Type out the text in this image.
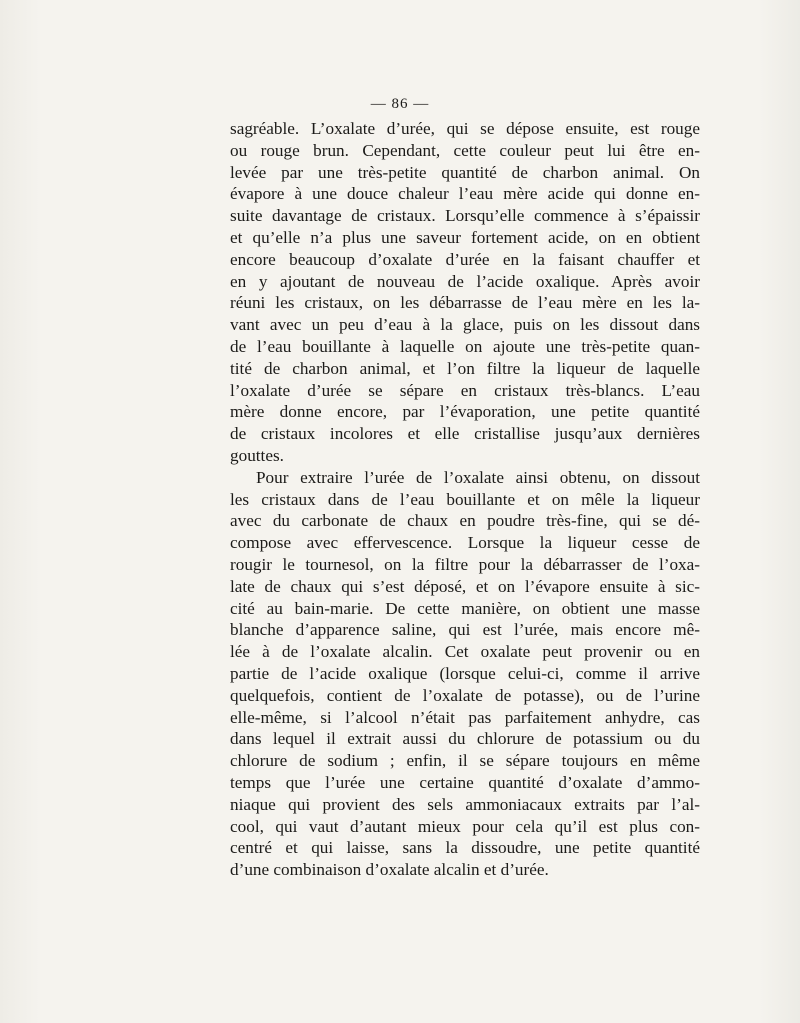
— 86 —
sagréable. L’oxalate d’urée, qui se dépose ensuite, est rouge
ou rouge brun. Cependant, cette couleur peut lui être en-
levée par une très-petite quantité de charbon animal. On
évapore à une douce chaleur l’eau mère acide qui donne en-
suite davantage de cristaux. Lorsqu’elle commence à s’épaissir
et qu’elle n’a plus une saveur fortement acide, on en obtient
encore beaucoup d’oxalate d’urée en la faisant chauffer et
en y ajoutant de nouveau de l’acide oxalique. Après avoir
réuni les cristaux, on les débarrasse de l’eau mère en les la-
vant avec un peu d’eau à la glace, puis on les dissout dans
de l’eau bouillante à laquelle on ajoute une très-petite quan-
tité de charbon animal, et l’on filtre la liqueur de laquelle
l’oxalate d’urée se sépare en cristaux très-blancs. L’eau
mère donne encore, par l’évaporation, une petite quantité
de cristaux incolores et elle cristallise jusqu’aux dernières
gouttes.
Pour extraire l’urée de l’oxalate ainsi obtenu, on dissout
les cristaux dans de l’eau bouillante et on mêle la liqueur
avec du carbonate de chaux en poudre très-fine, qui se dé-
compose avec effervescence. Lorsque la liqueur cesse de
rougir le tournesol, on la filtre pour la débarrasser de l’oxa-
late de chaux qui s’est déposé, et on l’évapore ensuite à sic-
cité au bain-marie. De cette manière, on obtient une masse
blanche d’apparence saline, qui est l’urée, mais encore mê-
lée à de l’oxalate alcalin. Cet oxalate peut provenir ou en
partie de l’acide oxalique (lorsque celui-ci, comme il arrive
quelquefois, contient de l’oxalate de potasse), ou de l’urine
elle-même, si l’alcool n’était pas parfaitement anhydre, cas
dans lequel il extrait aussi du chlorure de potassium ou du
chlorure de sodium ; enfin, il se sépare toujours en même
temps que l’urée une certaine quantité d’oxalate d’ammo-
niaque qui provient des sels ammoniacaux extraits par l’al-
cool, qui vaut d’autant mieux pour cela qu’il est plus con-
centré et qui laisse, sans la dissoudre, une petite quantité
d’une combinaison d’oxalate alcalin et d’urée.
